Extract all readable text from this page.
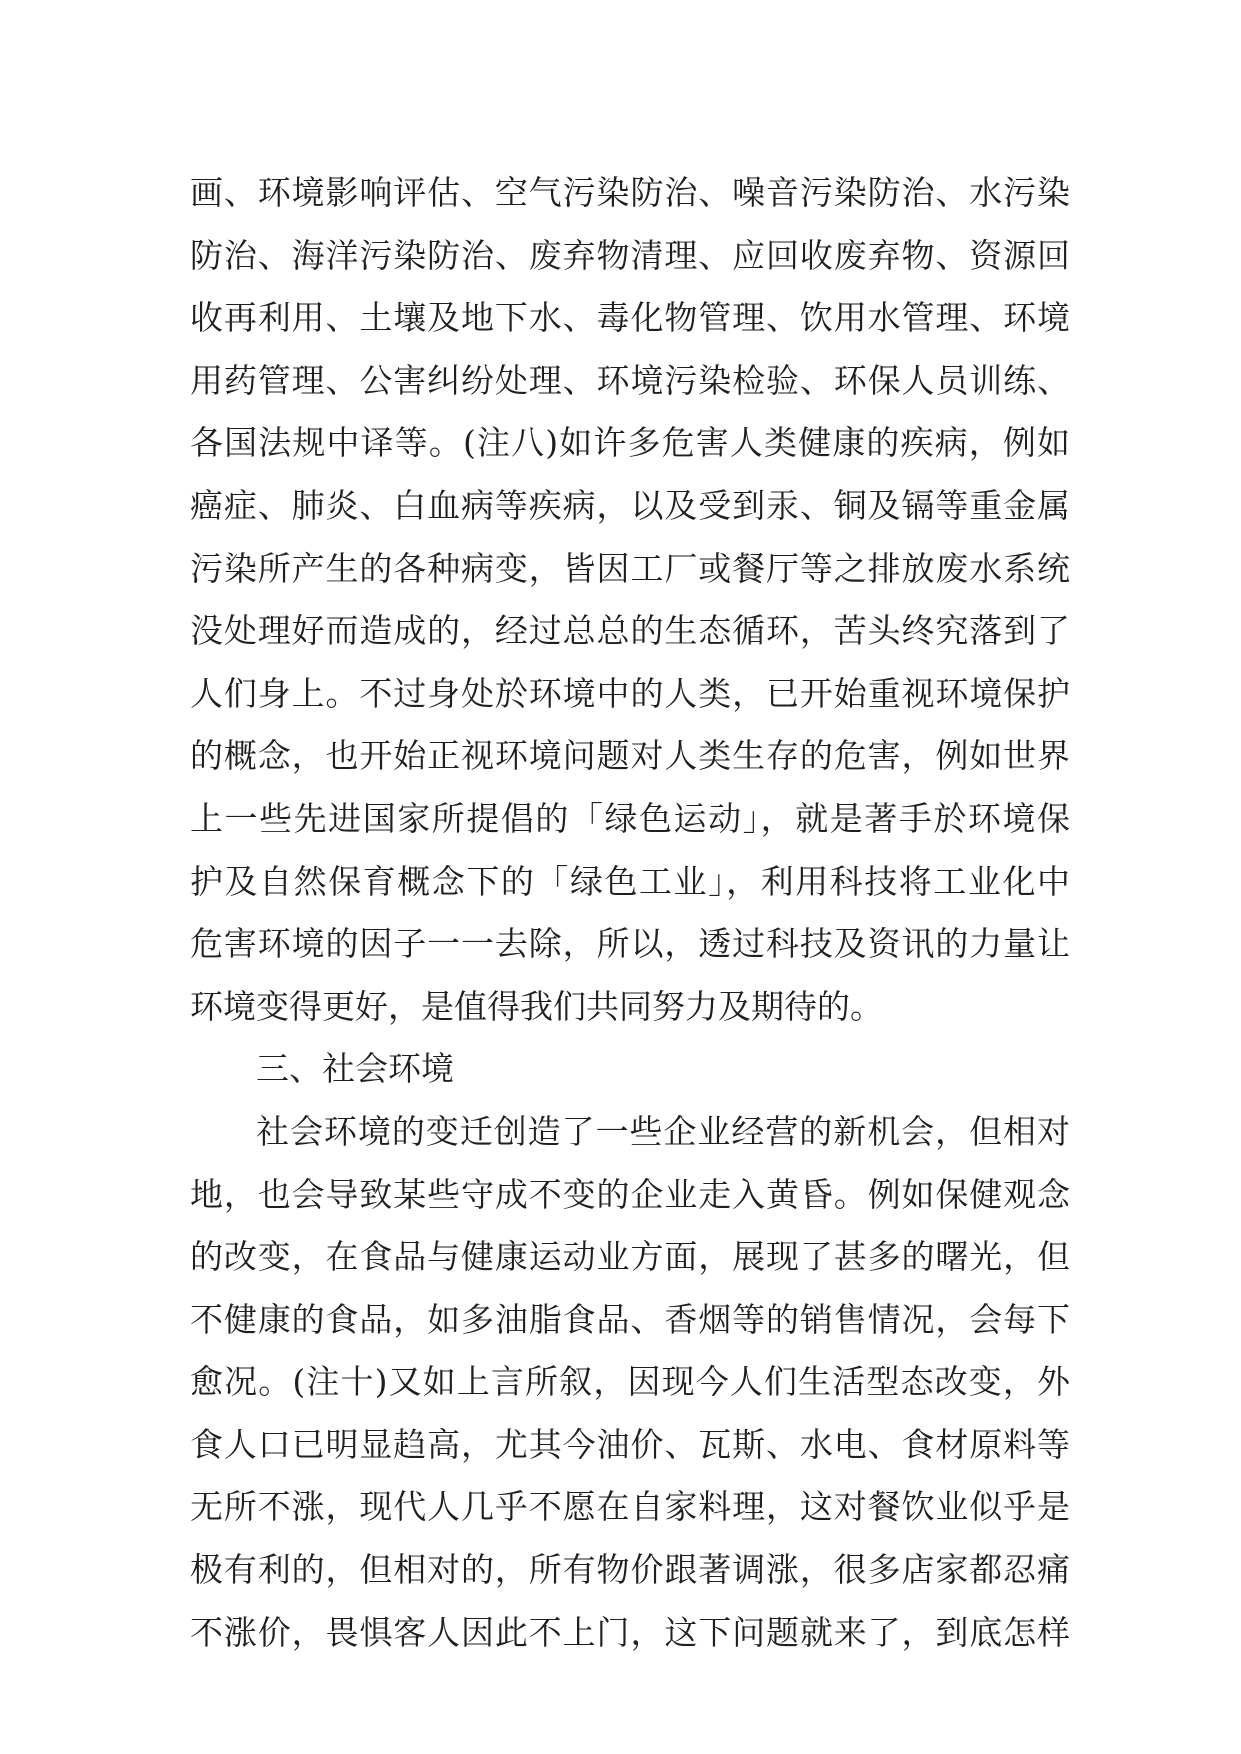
画、环境影响评估、空气污染防治、噪音污染防治、水污染
防治、海洋污染防治、废弃物清理、应回收废弃物、资源回
收再利用、土壤及地下水、毒化物管理、饮用水管理、环境
用药管理、公害纠纷处理、环境污染检验、环保人员训练、
各国法规中译等。(注八)如许多危害人类健康的疾病，例如
癌症、肺炎、白血病等疾病，以及受到汞、铜及镉等重金属
污染所产生的各种病变，皆因工厂或餐厅等之排放废水系统
没处理好而造成的，经过总总的生态循环，苦头终究落到了
人们身上。不过身处於环境中的人类，已开始重视环境保护
的概念，也开始正视环境问题对人类生存的危害，例如世界
上一些先进国家所提倡的「绿色运动」，就是著手於环境保
护及自然保育概念下的「绿色工业」，利用科技将工业化中
危害环境的因子一一去除，所以，透过科技及资讯的力量让
环境变得更好，是值得我们共同努力及期待的。
三、社会环境
社会环境的变迁创造了一些企业经营的新机会，但相对
地，也会导致某些守成不变的企业走入黄昏。例如保健观念
的改变，在食品与健康运动业方面，展现了甚多的曙光，但
不健康的食品，如多油脂食品、香烟等的销售情况，会每下
愈况。(注十)又如上言所叙，因现今人们生活型态改变，外
食人口已明显趋高，尤其今油价、瓦斯、水电、食材原料等
无所不涨，现代人几乎不愿在自家料理，这对餐饮业似乎是
极有利的，但相对的，所有物价跟著调涨，很多店家都忍痛
不涨价，畏惧客人因此不上门，这下问题就来了，到底怎样
